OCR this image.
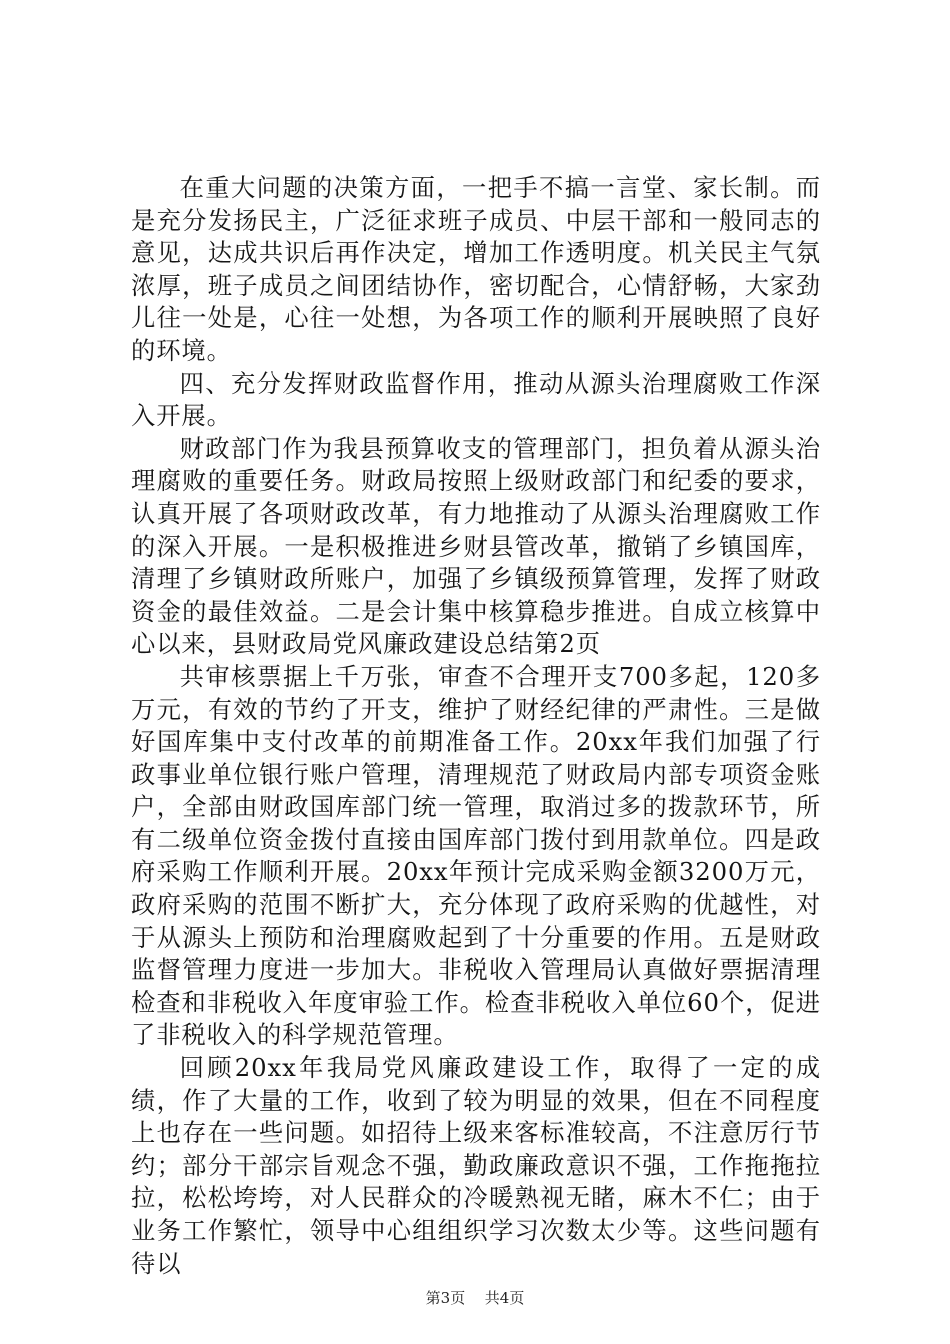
在重大问题的决策方面，一把手不搞一言堂、家长制。而是充分发扬民主，广泛征求班子成员、中层干部和一般同志的意见，达成共识后再作决定，增加工作透明度。机关民主气氛浓厚，班子成员之间团结协作，密切配合，心情舒畅，大家劲儿往一处是，心往一处想，为各项工作的顺利开展映照了良好的环境。

四、充分发挥财政监督作用，推动从源头治理腐败工作深入开展。

财政部门作为我县预算收支的管理部门，担负着从源头治理腐败的重要任务。财政局按照上级财政部门和纪委的要求，认真开展了各项财政改革，有力地推动了从源头治理腐败工作的深入开展。一是积极推进乡财县管改革，撤销了乡镇国库，清理了乡镇财政所账户，加强了乡镇级预算管理，发挥了财政资金的最佳效益。二是会计集中核算稳步推进。自成立核算中心以来，县财政局党风廉政建设总结第2页

共审核票据上千万张，审查不合理开支700多起，120多万元，有效的节约了开支，维护了财经纪律的严肃性。三是做好国库集中支付改革的前期准备工作。20xx年我们加强了行政事业单位银行账户管理，清理规范了财政局内部专项资金账户，全部由财政国库部门统一管理，取消过多的拨款环节，所有二级单位资金拨付直接由国库部门拨付到用款单位。四是政府采购工作顺利开展。20xx年预计完成采购金额3200万元，政府采购的范围不断扩大，充分体现了政府采购的优越性，对于从源头上预防和治理腐败起到了十分重要的作用。五是财政监督管理力度进一步加大。非税收入管理局认真做好票据清理检查和非税收入年度审验工作。检查非税收入单位60个，促进了非税收入的科学规范管理。

回顾20xx年我局党风廉政建设工作，取得了一定的成绩，作了大量的工作，收到了较为明显的效果，但在不同程度上也存在一些问题。如招待上级来客标准较高，不注意厉行节约；部分干部宗旨观念不强，勤政廉政意识不强，工作拖拖拉拉，松松垮垮，对人民群众的冷暖熟视无睹，麻木不仁；由于业务工作繁忙，领导中心组组织学习次数太少等。这些问题有待以

第3页 共4页
